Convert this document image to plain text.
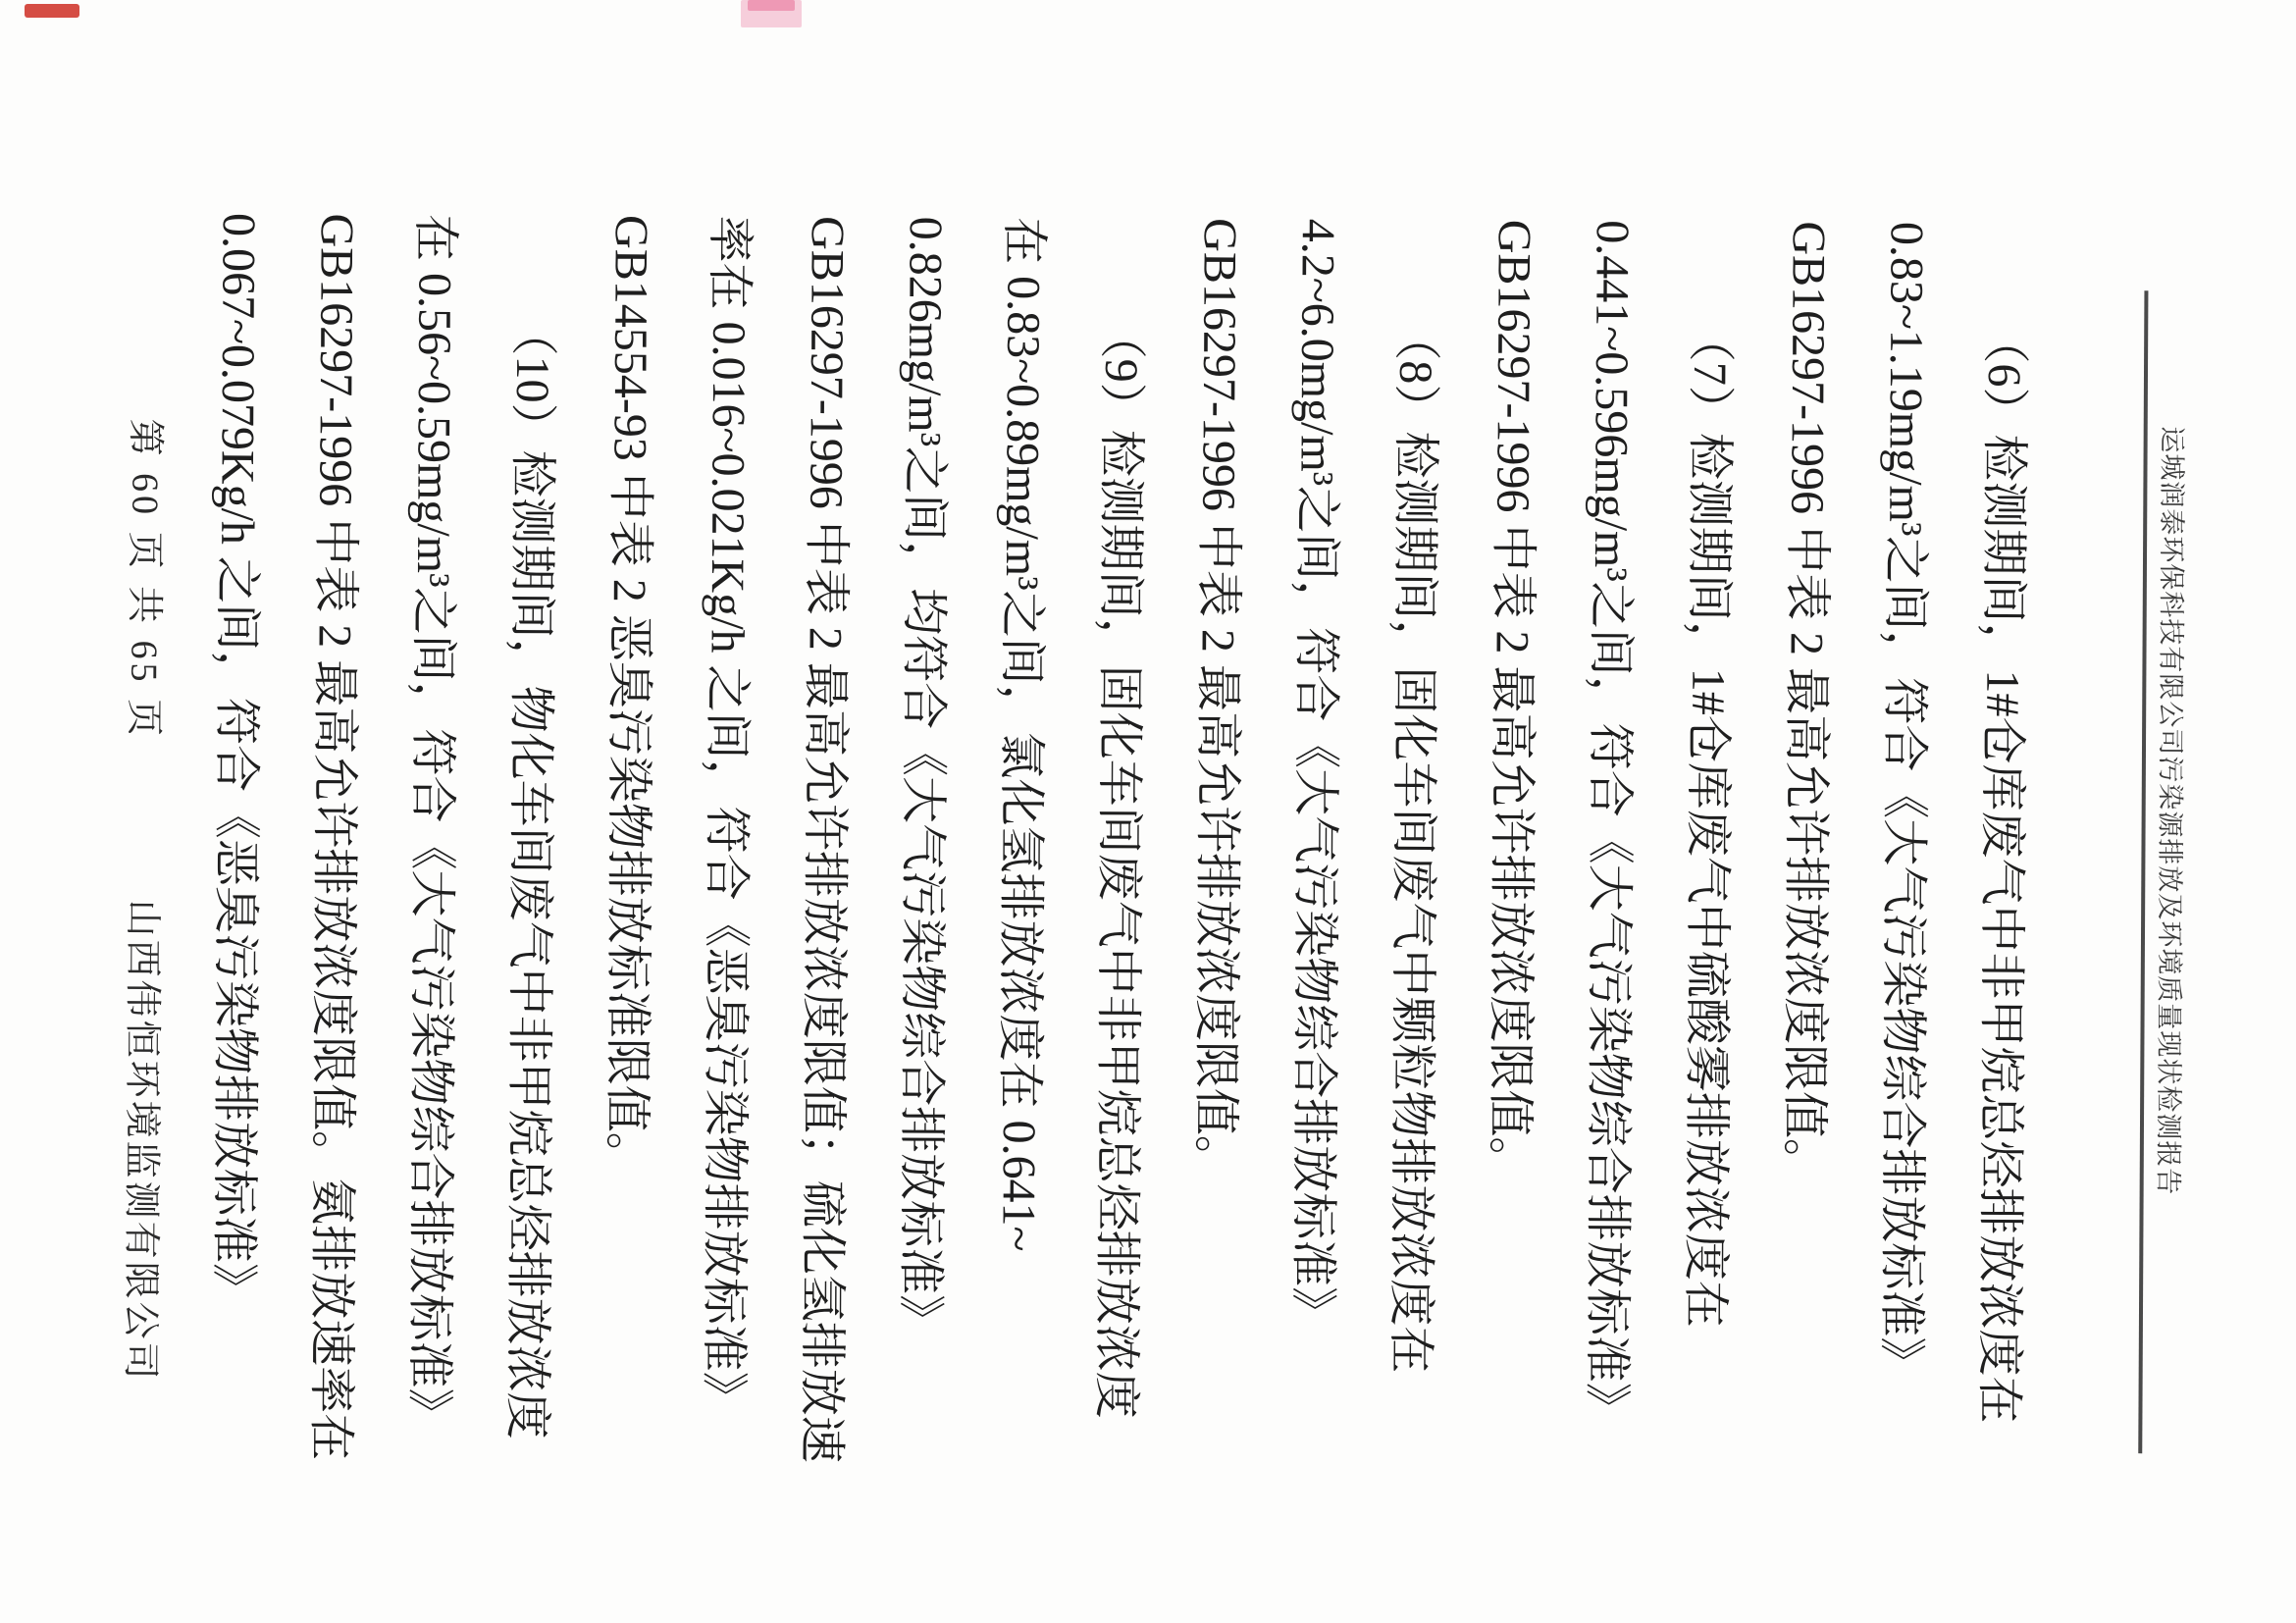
运城润泰环保科技有限公司污染源排放及环境质量现状检测报告
（6）检测期间，1#仓库废气中非甲烷总烃排放浓度在
0.83~1.19mg/m³之间，符合《大气污染物综合排放标准》
GB16297-1996 中表 2 最高允许排放浓度限值。
（7）检测期间，1#仓库废气中硫酸雾排放浓度在
0.441~0.596mg/m³之间，符合《大气污染物综合排放标准》
GB16297-1996 中表 2 最高允许排放浓度限值。
（8）检测期间，固化车间废气中颗粒物排放浓度在
4.2~6.0mg/m³之间，符合《大气污染物综合排放标准》
GB16297-1996 中表 2 最高允许排放浓度限值。
（9）检测期间，固化车间废气中非甲烷总烃排放浓度
在 0.83~0.89mg/m³之间，氯化氢排放浓度在 0.641~
0.826mg/m³之间，均符合《大气污染物综合排放标准》
GB16297-1996 中表 2 最高允许排放浓度限值；硫化氢排放速
率在 0.016~0.021Kg/h 之间，符合《恶臭污染物排放标准》
GB14554-93 中表 2 恶臭污染物排放标准限值。
（10）检测期间，物化车间废气中非甲烷总烃排放浓度
在 0.56~0.59mg/m³之间，符合《大气污染物综合排放标准》
GB16297-1996 中表 2 最高允许排放浓度限值。氨排放速率在
0.067~0.079Kg/h 之间，符合《恶臭污染物排放标准》
第 60 页 共 65 页
山西伟恒环境监测有限公司
